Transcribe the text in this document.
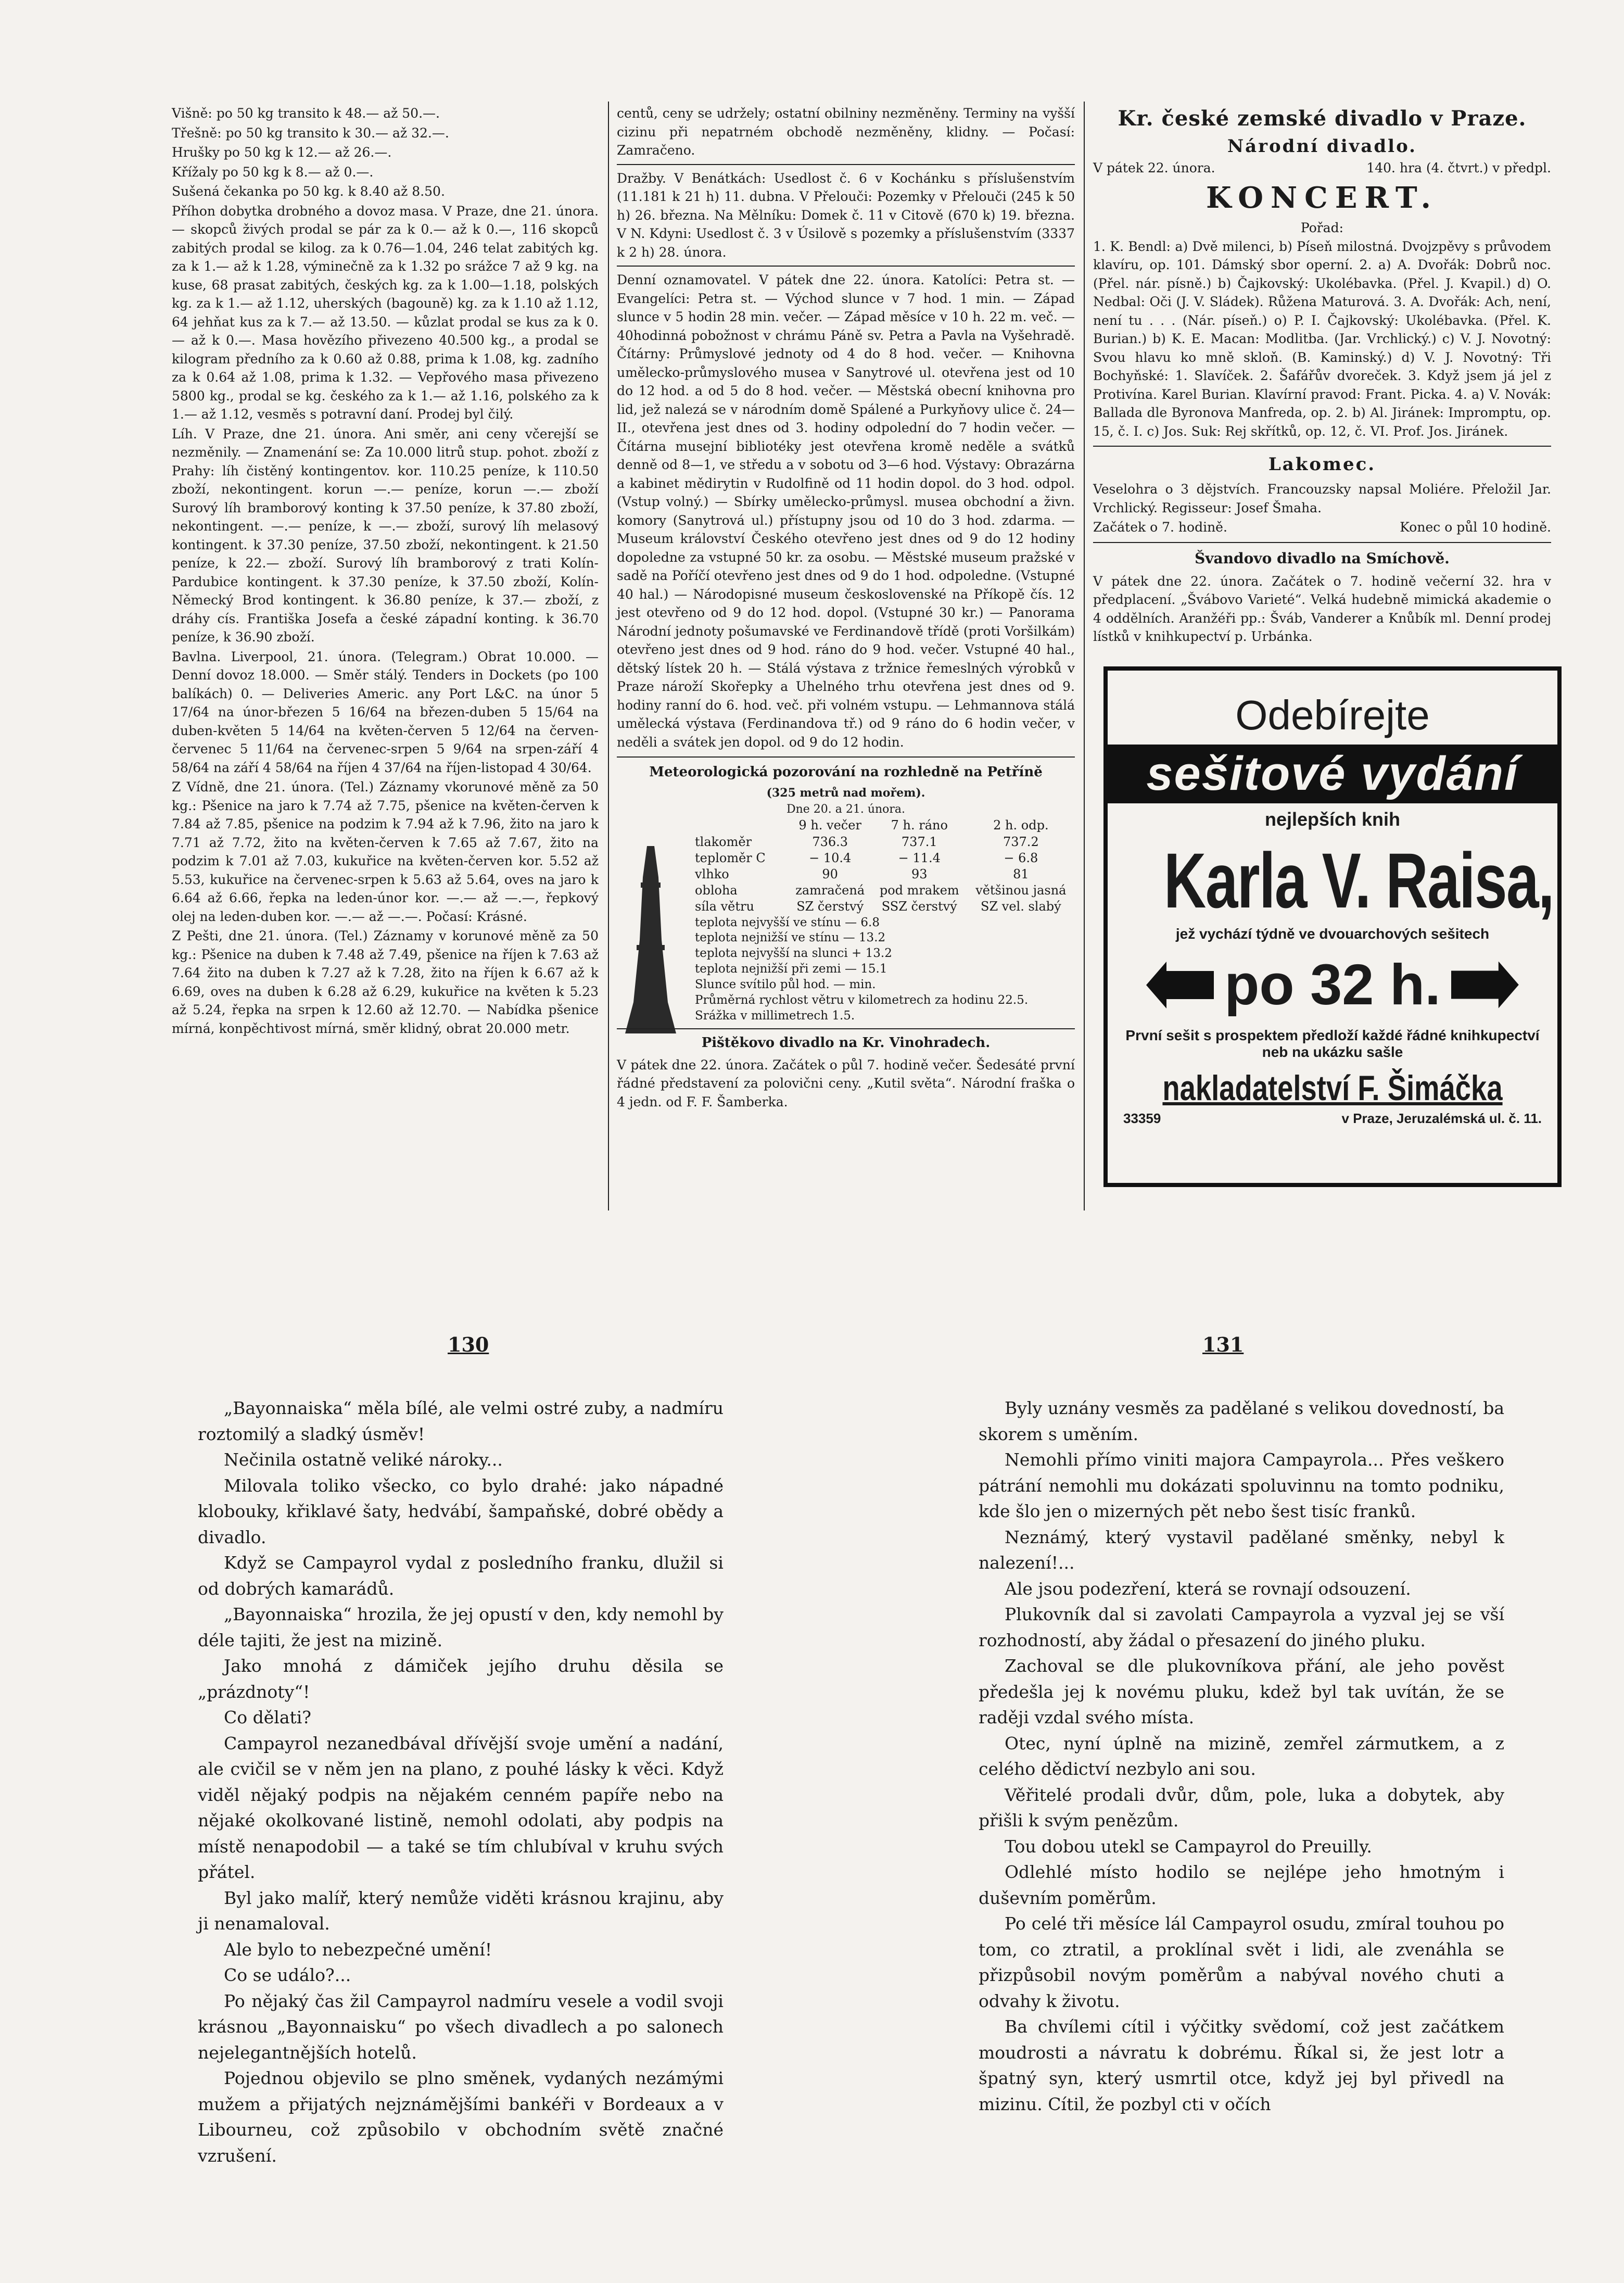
Višně: po 50 kg transito k 48.— až 50.—.

Třešně: po 50 kg transito k 30.— až 32.—.

Hrušky po 50 kg k 12.— až 26.—.

Křížaly po 50 kg k 8.— až 0.—.

Sušená čekanka po 50 kg. k 8.40 až 8.50.

Příhon dobytka drobného a dovoz masa. V Praze, dne 21. února. — skopců živých prodal se pár za k 0.— až k 0.—, 116 skopců zabitých prodal se kilog. za k 0.76—1.04, 246 telat zabitých kg. za k 1.— až k 1.28, výminečně za k 1.32 po srážce 7 až 9 kg. na kuse, 68 prasat zabitých, českých kg. za k 1.00—1.18, polských kg. za k 1.— až 1.12, uherských (bagouně) kg. za k 1.10 až 1.12, 64 jehňat kus za k 7.— až 13.50. — kůzlat prodal se kus za k 0.— až k 0.—. Masa hovězího přivezeno 40.500 kg., a prodal se kilogram předního za k 0.60 až 0.88, prima k 1.08, kg. zadního za k 0.64 až 1.08, prima k 1.32. — Vepřového masa přivezeno 5800 kg., prodal se kg. českého za k 1.— až 1.16, polského za k 1.— až 1.12, vesměs s potravní daní. Prodej byl čilý.

Líh. V Praze, dne 21. února. Ani směr, ani ceny včerejší se nezměnily. — Znamenání se: Za 10.000 litrů stup. pohot. zboží z Prahy: líh čistěný kontingentov. kor. 110.25 peníze, k 110.50 zboží, nekontingent. korun —.— peníze, korun —.— zboží Surový líh bramborový konting k 37.50 peníze, k 37.80 zboží, nekontingent. —.— peníze, k —.— zboží, surový líh melasový kontingent. k 37.30 peníze, 37.50 zboží, nekontingent. k 21.50 peníze, k 22.— zboží. Surový líh bramborový z trati Kolín-Pardubice kontingent. k 37.30 peníze, k 37.50 zboží, Kolín-Německý Brod kontingent. k 36.80 peníze, k 37.— zboží, z dráhy cís. Františka Josefa a české západní konting. k 36.70 peníze, k 36.90 zboží.

Bavlna. Liverpool, 21. února. (Telegram.) Obrat 10.000. — Denní dovoz 18.000. — Směr stálý. Tenders in Dockets (po 100 balíkách) 0. — Deliveries Americ. any Port L&C. na únor 5 17/64 na únor-březen 5 16/64 na březen-duben 5 15/64 na duben-květen 5 14/64 na květen-červen 5 12/64 na červen-červenec 5 11/64 na červenec-srpen 5 9/64 na srpen-září 4 58/64 na září 4 58/64 na říjen 4 37/64 na říjen-listopad 4 30/64.

Z Vídně, dne 21. února. (Tel.) Záznamy vkorunové měně za 50 kg.: Pšenice na jaro k 7.74 až 7.75, pšenice na květen-červen k 7.84 až 7.85, pšenice na podzim k 7.94 až k 7.96, žito na jaro k 7.71 až 7.72, žito na květen-červen k 7.65 až 7.67, žito na podzim k 7.01 až 7.03, kukuřice na květen-červen kor. 5.52 až 5.53, kukuřice na červenec-srpen k 5.63 až 5.64, oves na jaro k 6.64 až 6.66, řepka na leden-únor kor. —.— až —.—, řepkový olej na leden-duben kor. —.— až —.—. Počasí: Krásné.

Z Pešti, dne 21. února. (Tel.) Záznamy v korunové měně za 50 kg.: Pšenice na duben k 7.48 až 7.49, pšenice na říjen k 7.63 až 7.64 žito na duben k 7.27 až k 7.28, žito na říjen k 6.67 až k 6.69, oves na duben k 6.28 až 6.29, kukuřice na květen k 5.23 až 5.24, řepka na srpen k 12.60 až 12.70. — Nabídka pšenice mírná, konpěchtivost mírná, směr klidný, obrat 20.000 metr.

centů, ceny se udržely; ostatní obilniny nezměněny. Terminy na vyšší cizinu při nepatrném obchodě nezměněny, klidny. — Počasí: Zamračeno.

Dražby. V Benátkách: Usedlost č. 6 v Kochánku s příslušenstvím (11.181 k 21 h) 11. dubna. V Přelouči: Pozemky v Přelouči (245 k 50 h) 26. března. Na Mělníku: Domek č. 11 v Citově (670 k) 19. března. V N. Kdyni: Usedlost č. 3 v Úsilově s pozemky a příslušenstvím (3337 k 2 h) 28. února.

Denní oznamovatel. V pátek dne 22. února. Katolíci: Petra st. — Evangelíci: Petra st. — Východ slunce v 7 hod. 1 min. — Západ slunce v 5 hodin 28 min. večer. — Západ měsíce v 10 h. 22 m. več. — 40hodinná pobožnost v chrámu Páně sv. Petra a Pavla na Vyšehradě. Čítárny: Průmyslové jednoty od 4 do 8 hod. večer. — Knihovna umělecko-průmyslového musea v Sanytrové ul. otevřena jest od 10 do 12 hod. a od 5 do 8 hod. večer. — Městská obecní knihovna pro lid, jež nalezá se v národním domě Spálené a Purkyňovy ulice č. 24—II., otevřena jest dnes od 3. hodiny odpolední do 7 hodin večer. — Čítárna musejní bibliotéky jest otevřena kromě neděle a svátků denně od 8—1, ve středu a v sobotu od 3—6 hod. Výstavy: Obrazárna a kabinet mědirytin v Rudolfině od 11 hodin dopol. do 3 hod. odpol. (Vstup volný.) — Sbírky umělecko-průmysl. musea obchodní a živn. komory (Sanytrová ul.) přístupny jsou od 10 do 3 hod. zdarma. — Museum království Českého otevřeno jest dnes od 9 do 12 hodiny dopoledne za vstupné 50 kr. za osobu. — Městské museum pražské v sadě na Poříčí otevřeno jest dnes od 9 do 1 hod. odpoledne. (Vstupné 40 hal.) — Národopisné museum československé na Příkopě čís. 12 jest otevřeno od 9 do 12 hod. dopol. (Vstupné 30 kr.) — Panorama Národní jednoty pošumavské ve Ferdinandově třídě (proti Voršilkám) otevřeno jest dnes od 9 hod. ráno do 9 hod. večer. Vstupné 40 hal., dětský lístek 20 h. — Stálá výstava z tržnice řemeslných výrobků v Praze nároží Skořepky a Uhelného trhu otevřena jest dnes od 9. hodiny ranní do 6. hod. več. při volném vstupu. — Lehmannova stálá umělecká výstava (Ferdinandova tř.) od 9 ráno do 6 hodin večer, v neděli a svátek jen dopol. od 9 do 12 hodin.

Meteorologická pozorování na rozhledně na Petříně
(325 metrů nad mořem).
Dne 20. a 21. února.
	9 h. večer	7 h. ráno	2 h. odp.
tlakoměr	736.3	737.1	737.2
teploměr C	− 10.4	− 11.4	− 6.8
vlhko	90	93	81
obloha	zamračená	pod mrakem	většinou jasná
síla větru	SZ čerstvý	SSZ čerstvý	SZ vel. slabý
teplota nejvyšší ve stínu — 6.8
teplota nejnižší ve stínu — 13.2
teplota nejvyšší na slunci + 13.2
teplota nejnižší při zemi — 15.1
Slunce svítilo půl hod. — min.
Průměrná rychlost větru v kilometrech za hodinu 22.5.
Srážka v millimetrech 1.5.
Pištěkovo divadlo na Kr. Vinohradech.

V pátek dne 22. února. Začátek o půl 7. hodině večer. Šedesáté první řádné představení za polovični ceny. „Kutil světa“. Národní fraška o 4 jedn. od F. F. Šamberka.

Kr. české zemské divadlo v Praze.
Národní divadlo.
V pátek 22. února.	140. hra (4. čtvrt.) v předpl.
KONCERT.
Pořad:

1. K. Bendl: a) Dvě milenci, b) Píseň milostná. Dvojzpěvy s průvodem klavíru, op. 101. Dámský sbor operní. 2. a) A. Dvořák: Dobrů noc. (Přel. nár. písně.) b) Čajkovský: Ukolébavka. (Přel. J. Kvapil.) d) O. Nedbal: Oči (J. V. Sládek). Růžena Maturová. 3. A. Dvořák: Ach, není, není tu . . . (Nár. píseň.) o) P. I. Čajkovský: Ukolébavka. (Přel. K. Burian.) b) K. E. Macan: Modlitba. (Jar. Vrchlický.) c) V. J. Novotný: Svou hlavu ko mně skloň. (B. Kaminský.) d) V. J. Novotný: Tři Bochyňské: 1. Slavíček. 2. Šafářův dvoreček. 3. Když jsem já jel z Protivína. Karel Burian. Klavírní pravod: Frant. Picka. 4. a) V. Novák: Ballada dle Byronova Manfreda, op. 2. b) Al. Jiránek: Impromptu, op. 15, č. I. c) Jos. Suk: Rej skřítků, op. 12, č. VI. Prof. Jos. Jiránek.

Lakomec.

Veselohra o 3 dějstvích. Francouzsky napsal Moliére. Přeložil Jar. Vrchlický. Regisseur: Josef Šmaha.

Začátek o 7. hodině.	Konec o půl 10 hodině.
Švandovo divadlo na Smíchově.

V pátek dne 22. února. Začátek o 7. hodině večerní 32. hra v předplacení. „Švábovo Varieté“. Velká hudebně mimická akademie o 4 oddělních. Aranžéři pp.: Šváb, Vanderer a Knůbík ml. Denní prodej lístků v knihkupectví p. Urbánka.

Odebírejte
sešitové vydání
nejlepších knih
Karla V. Raisa,
jež vychází týdně ve dvouarchových sešitech
po 32 h.
První sešit s prospektem předloží každé řádné knihkupectví neb na ukázku sašle
nakladatelství F. Šimáčka
33359	v Praze, Jeruzalémská ul. č. 11.
130	131

„Bayonnaiska“ měla bílé, ale velmi ostré zuby, a nadmíru roztomilý a sladký úsměv!

Nečinila ostatně veliké nároky...

Milovala toliko všecko, co bylo drahé: jako nápadné klobouky, křiklavé šaty, hedvábí, šampaňské, dobré obědy a divadlo.

Když se Campayrol vydal z posledního franku, dlužil si od dobrých kamarádů.

„Bayonnaiska“ hrozila, že jej opustí v den, kdy nemohl by déle tajiti, že jest na mizině.

Jako mnohá z dámiček jejího druhu děsila se „prázdnoty“!

Co dělati?

Campayrol nezanedbával dřívější svoje umění a nadání, ale cvičil se v něm jen na plano, z pouhé lásky k věci. Když viděl nějaký podpis na nějakém cenném papíře nebo na nějaké okolkované listině, nemohl odolati, aby podpis na místě nenapodobil — a také se tím chlubíval v kruhu svých přátel.

Byl jako malíř, který nemůže viděti krásnou krajinu, aby ji nenamaloval.

Ale bylo to nebezpečné umění!

Co se událo?...

Po nějaký čas žil Campayrol nadmíru vesele a vodil svoji krásnou „Bayonnaisku“ po všech divadlech a po salonech nejelegantnějších hotelů.

Pojednou objevilo se plno směnek, vydaných nezámými mužem a přijatých nejznámějšími bankéři v Bordeaux a v Libourneu, což způsobilo v obchodním světě značné vzrušení.

Byly uznány vesměs za padělané s velikou dovedností, ba skorem s uměním.

Nemohli přímo viniti majora Campayrola... Přes veškero pátrání nemohli mu dokázati spoluvinnu na tomto podniku, kde šlo jen o mizerných pět nebo šest tisíc franků.

Neznámý, který vystavil padělané směnky, nebyl k nalezení!...

Ale jsou podezření, která se rovnají odsouzení.

Plukovník dal si zavolati Campayrola a vyzval jej se vší rozhodností, aby žádal o přesazení do jiného pluku.

Zachoval se dle plukovníkova přání, ale jeho pověst předešla jej k novému pluku, kdež byl tak uvítán, že se raději vzdal svého místa.

Otec, nyní úplně na mizině, zemřel zármutkem, a z celého dědictví nezbylo ani sou.

Věřitelé prodali dvůr, dům, pole, luka a dobytek, aby přišli k svým penězům.

Tou dobou utekl se Campayrol do Preuilly.

Odlehlé místo hodilo se nejlépe jeho hmotným i duševním poměrům.

Po celé tři měsíce lál Campayrol osudu, zmíral touhou po tom, co ztratil, a proklínal svět i lidi, ale zvenáhla se přizpůsobil novým poměrům a nabýval nového chuti a odvahy k životu.

Ba chvílemi cítil i výčitky svědomí, což jest začátkem moudrosti a návratu k dobrému. Říkal si, že jest lotr a špatný syn, který usmrtil otce, když jej byl přivedl na mizinu. Cítil, že pozbyl cti v očích
